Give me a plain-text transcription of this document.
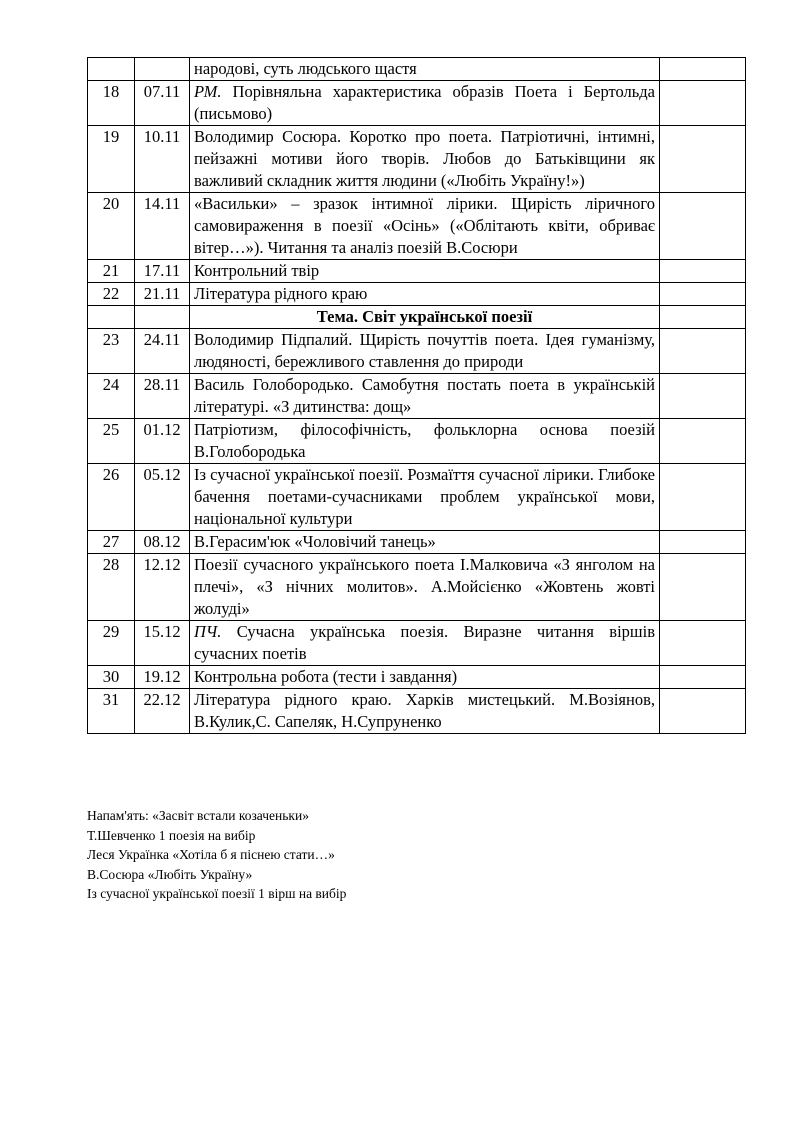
		народові, суть людського щастя	
18	07.11	РМ. Порівняльна характеристика образів Поета і Бертольда (письмово)	
19	10.11	Володимир Сосюра. Коротко про поета. Патріотичні, інтимні, пейзажні мотиви його творів. Любов до Батьківщини як важливий складник життя людини («Любіть Україну!»)	
20	14.11	«Васильки» – зразок інтимної лірики. Щирість ліричного самовираження в поезії «Осінь» («Облітають квіти, обриває вітер…»). Читання та аналіз поезій В.Сосюри	
21	17.11	Контрольний твір	
22	21.11	Література рідного краю	
		Тема. Світ української поезії	
23	24.11	Володимир Підпалий. Щирість почуттів поета. Ідея гуманізму, людяності, бережливого ставлення до природи	
24	28.11	Василь Голобородько. Самобутня постать поета в українській літературі. «З дитинства: дощ»	
25	01.12	Патріотизм, філософічність, фольклорна основа поезій В.Голобородька	
26	05.12	Із сучасної української поезії. Розмаїття сучасної лірики. Глибоке бачення поетами-сучасниками проблем української мови, національної культури	
27	08.12	В.Герасим'юк «Чоловічий танець»	
28	12.12	Поезії сучасного українського поета І.Малковича «З янголом на плечі», «З нічних молитов». А.Мойсієнко «Жовтень жовті жолуді»	
29	15.12	ПЧ. Сучасна українська поезія. Виразне читання віршів сучасних поетів	
30	19.12	Контрольна робота (тести і завдання)	
31	22.12	Література рідного краю. Харків мистецький. М.Возіянов, В.Кулик,С. Сапеляк, Н.Супруненко	
Напам'ять: «Засвіт встали козаченьки»
Т.Шевченко 1 поезія на вибір
Леся Українка «Хотіла б я піснею стати…»
В.Сосюра «Любіть Україну»
Із сучасної української поезії 1 вірш на вибір
